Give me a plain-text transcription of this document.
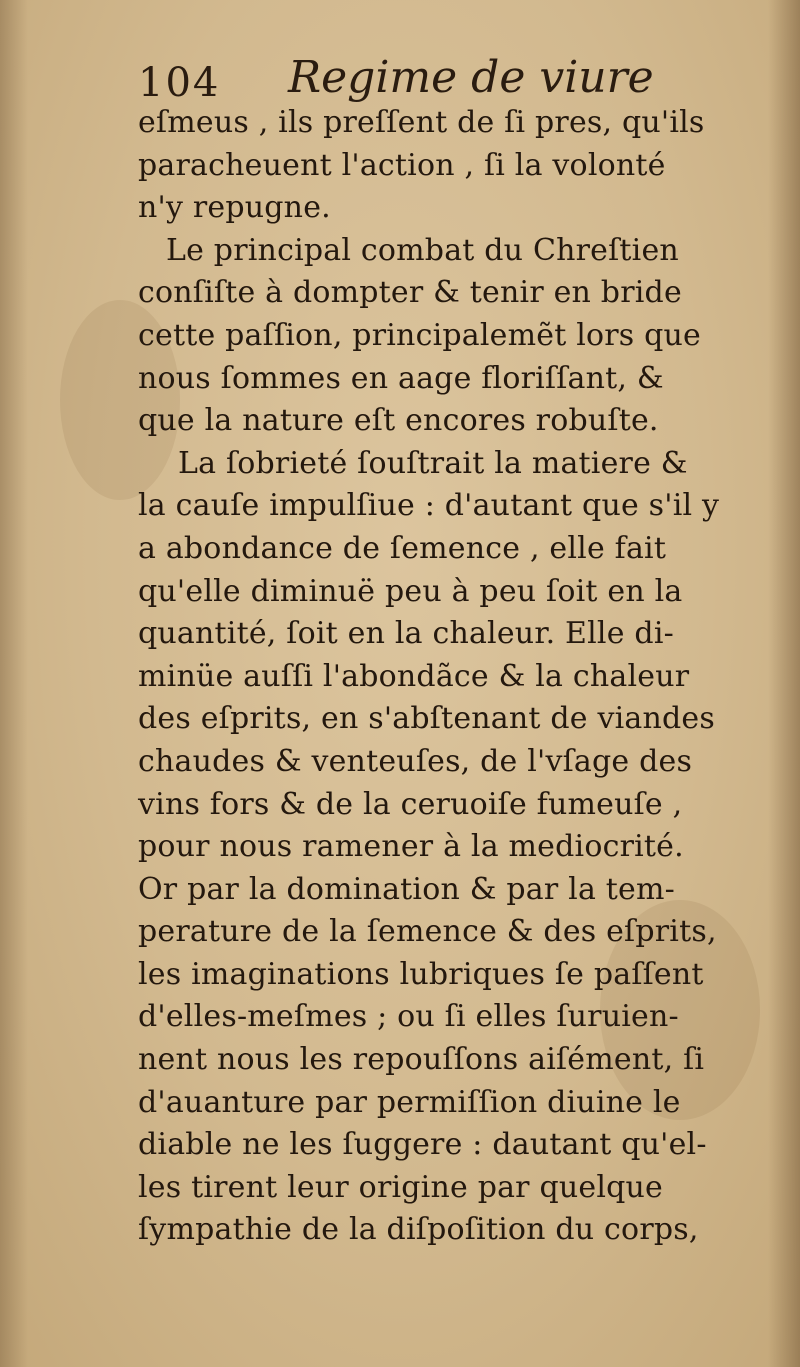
104 Regime de viure
eſmeus , ils preſſent de ſi pres, qu'ils
paracheuent l'action , ſi la volonté
n'y repugne.
Le principal combat du Chreſtien
conſiſte à dompter & tenir en bride
cette paſſion, principalemẽt lors que
nous ſommes en aage floriſſant, &
que la nature eſt encores robuſte.
La ſobrieté ſouſtrait la matiere &
la cauſe impulſiue : d'autant que s'il y
a abondance de ſemence , elle fait
qu'elle diminuë peu à peu ſoit en la
quantité, ſoit en la chaleur. Elle di-
minüe auſſi l'abondãce & la chaleur
des eſprits, en s'abſtenant de viandes
chaudes & venteuſes, de l'vſage des
vins fors & de la ceruoiſe fumeuſe ,
pour nous ramener à la mediocrité.
Or par la domination & par la tem-
perature de la ſemence & des eſprits,
les imaginations lubriques ſe paſſent
d'elles-meſmes ; ou ſi elles ſuruien-
nent nous les repouſſons aiſément, ſi
d'auanture par permiſſion diuine le
diable ne les ſuggere : dautant qu'el-
les tirent leur origine par quelque
ſympathie de la diſpoſition du corps,
